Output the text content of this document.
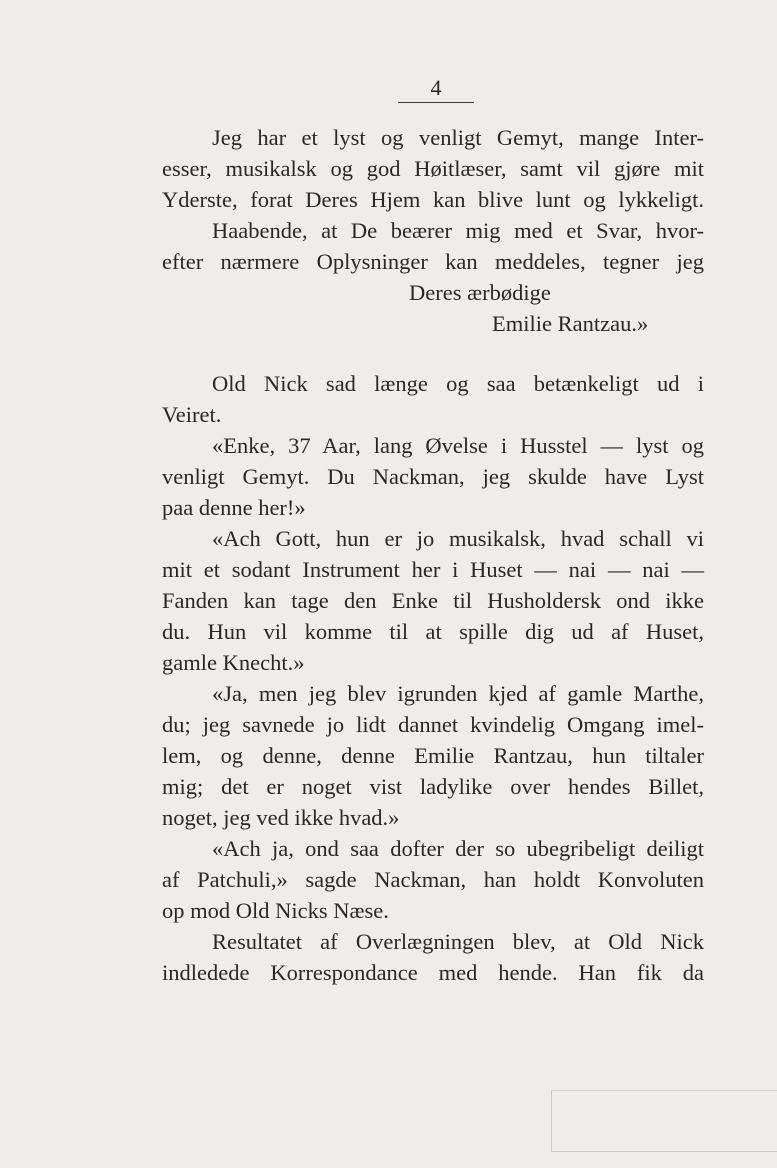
4
Jeg har et lyst og venligt Gemyt, mange Inter-
esser, musikalsk og god Høitlæser, samt vil gjøre mit
Yderste, forat Deres Hjem kan blive lunt og lykkeligt.
Haabende, at De beærer mig med et Svar, hvor-
efter nærmere Oplysninger kan meddeles, tegner jeg
Deres ærbødige
Emilie Rantzau.»
Old Nick sad længe og saa betænkeligt ud i
Veiret.
«Enke, 37 Aar, lang Øvelse i Husstel — lyst og
venligt Gemyt. Du Nackman, jeg skulde have Lyst
paa denne her!»
«Ach Gott, hun er jo musikalsk, hvad schall vi
mit et sodant Instrument her i Huset — nai — nai —
Fanden kan tage den Enke til Husholdersk ond ikke
du. Hun vil komme til at spille dig ud af Huset,
gamle Knecht.»
«Ja, men jeg blev igrunden kjed af gamle Marthe,
du; jeg savnede jo lidt dannet kvindelig Omgang imel-
lem, og denne, denne Emilie Rantzau, hun tiltaler
mig; det er noget vist ladylike over hendes Billet,
noget, jeg ved ikke hvad.»
«Ach ja, ond saa dofter der so ubegribeligt deiligt
af Patchuli,» sagde Nackman, han holdt Konvoluten
op mod Old Nicks Næse.
Resultatet af Overlægningen blev, at Old Nick
indledede Korrespondance med hende. Han fik da
